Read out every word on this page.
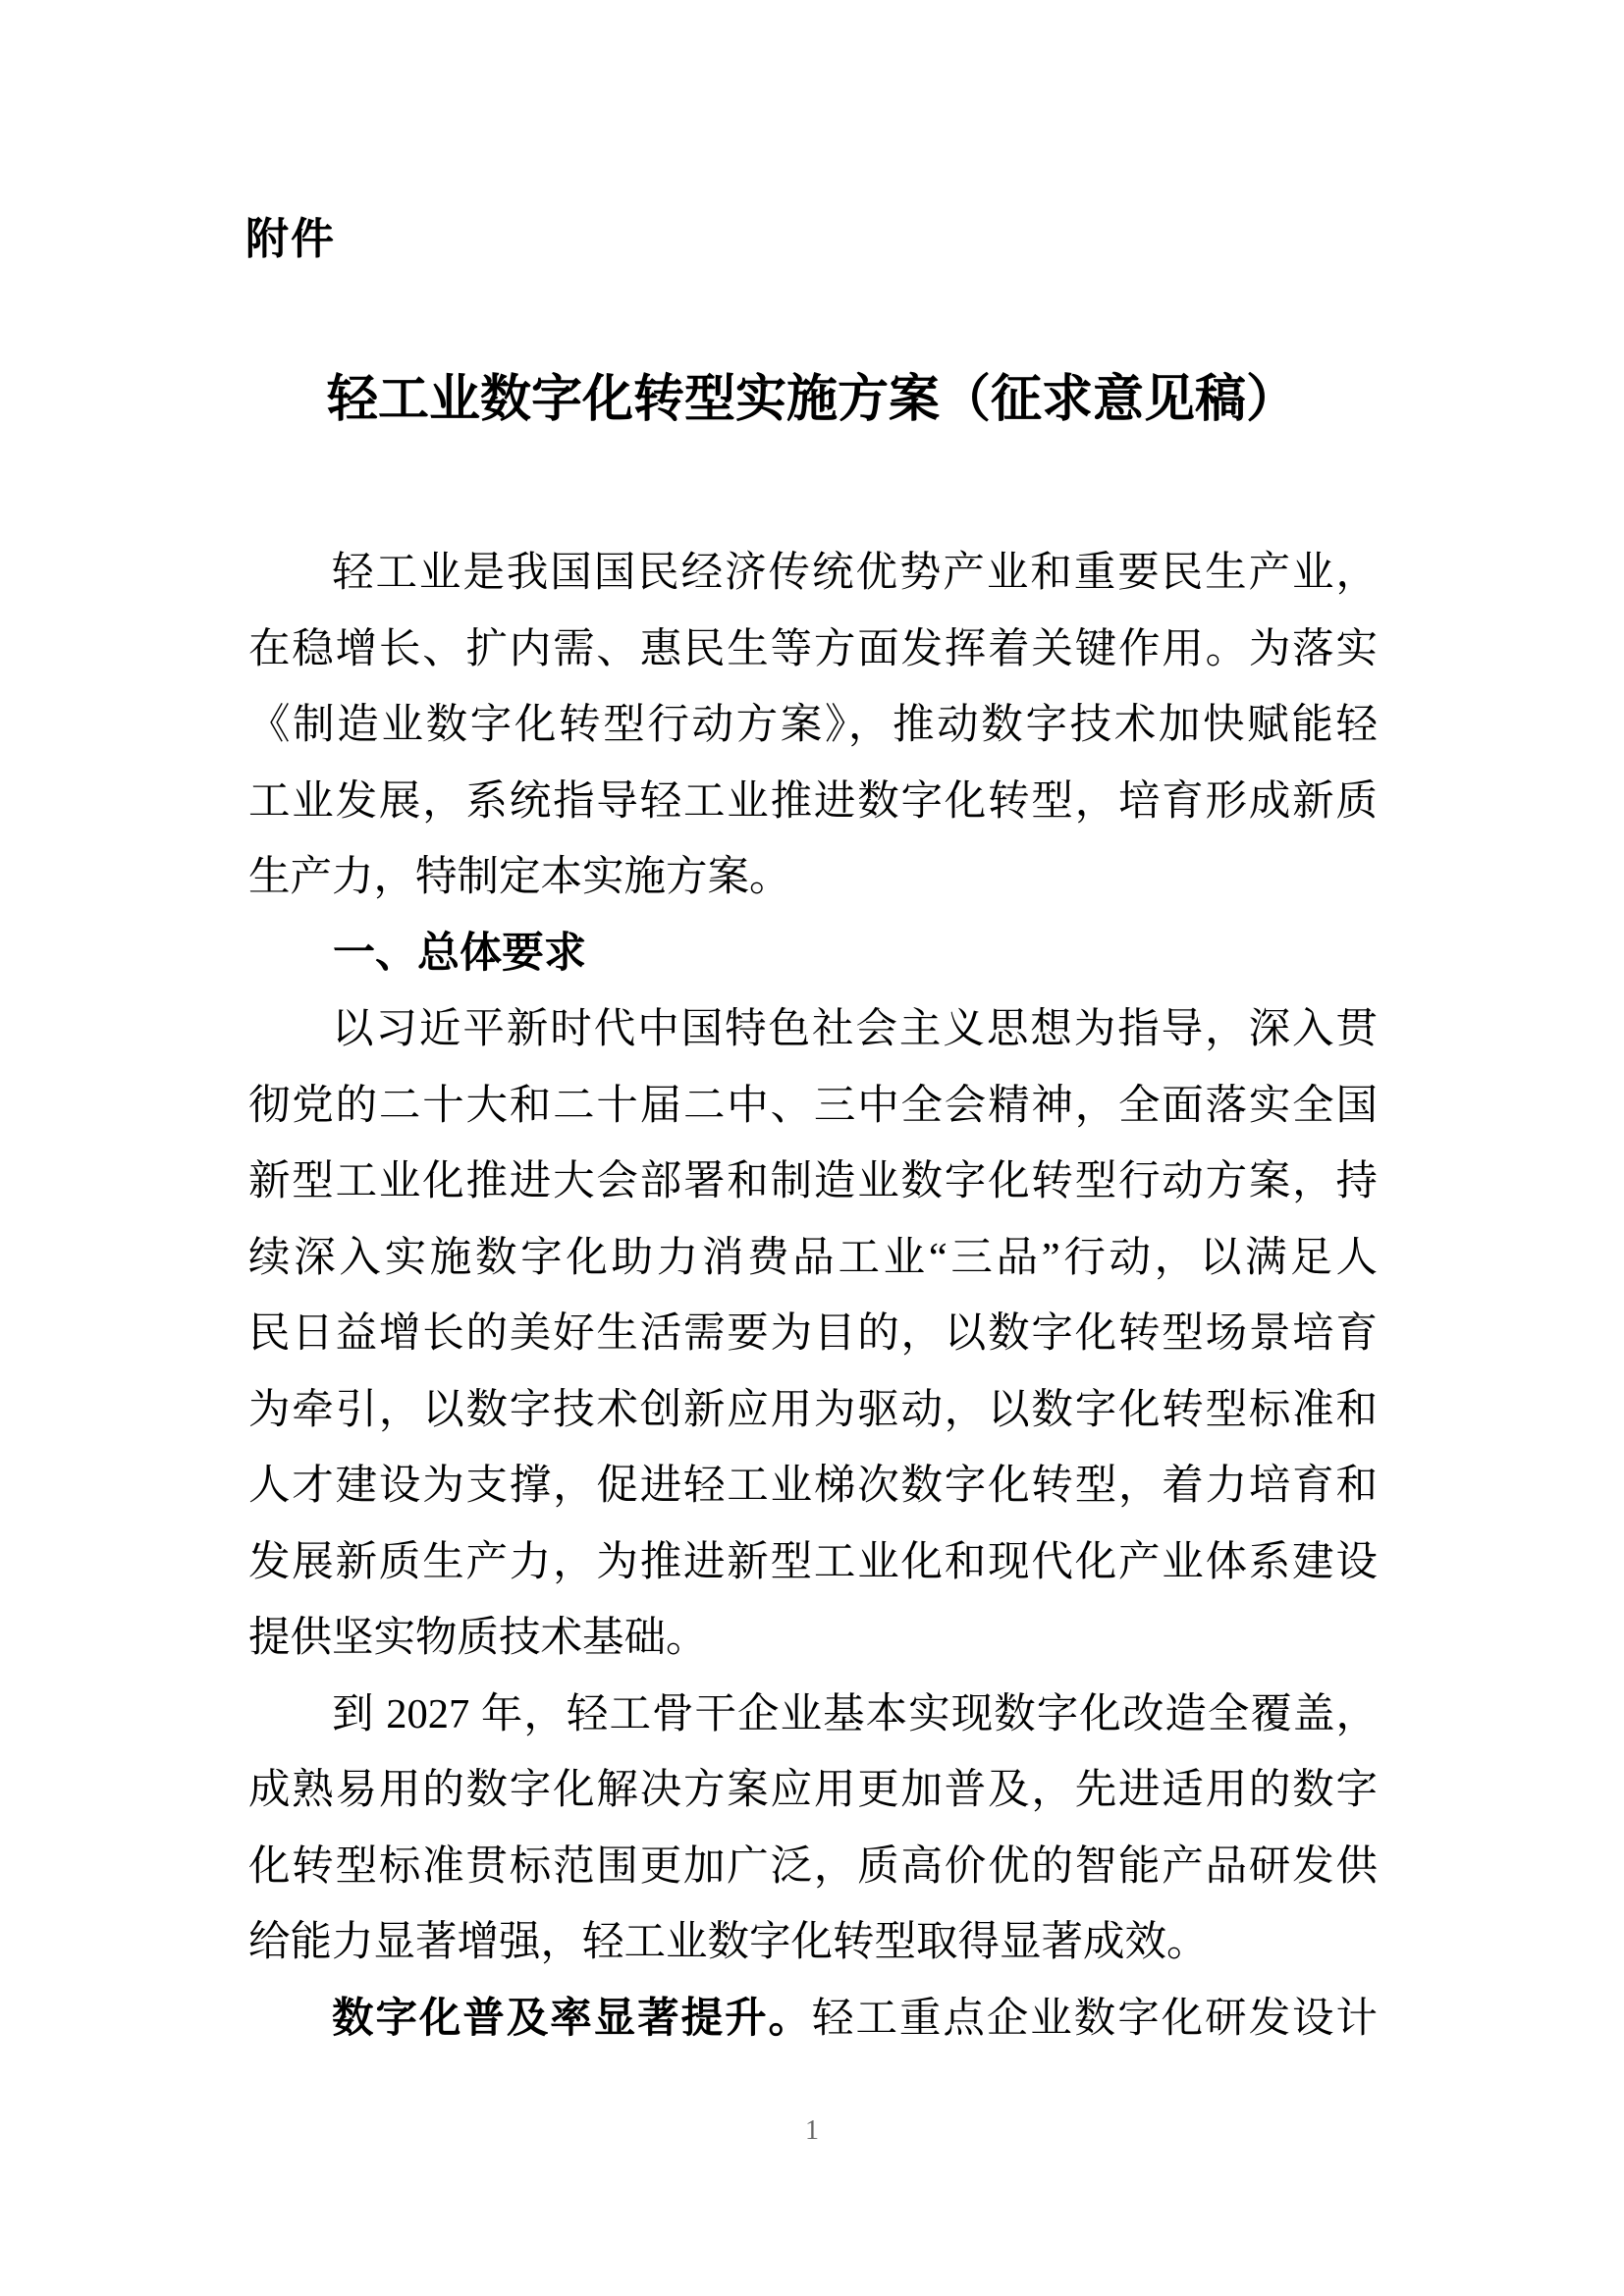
附件
轻工业数字化转型实施方案（征求意见稿）
轻工业是我国国民经济传统优势产业和重要民生产业，
在稳增长、扩内需、惠民生等方面发挥着关键作用。为落实
《制造业数字化转型行动方案》，推动数字技术加快赋能轻
工业发展，系统指导轻工业推进数字化转型，培育形成新质
生产力，特制定本实施方案。
一、总体要求
以习近平新时代中国特色社会主义思想为指导，深入贯
彻党的二十大和二十届二中、三中全会精神，全面落实全国
新型工业化推进大会部署和制造业数字化转型行动方案，持
续深入实施数字化助力消费品工业“三品”行动，以满足人
民日益增长的美好生活需要为目的，以数字化转型场景培育
为牵引，以数字技术创新应用为驱动，以数字化转型标准和
人才建设为支撑，促进轻工业梯次数字化转型，着力培育和
发展新质生产力，为推进新型工业化和现代化产业体系建设
提供坚实物质技术基础。
到 2027 年，轻工骨干企业基本实现数字化改造全覆盖，
成熟易用的数字化解决方案应用更加普及，先进适用的数字
化转型标准贯标范围更加广泛，质高价优的智能产品研发供
给能力显著增强，轻工业数字化转型取得显著成效。
数字化普及率显著提升。轻工重点企业数字化研发设计
1
